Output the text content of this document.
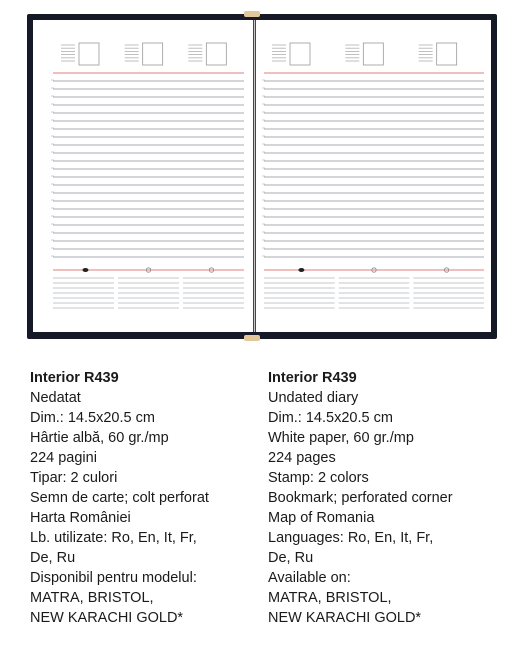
Interior R439
Nedatat
Dim.: 14.5x20.5 cm
Hârtie albă, 60 gr./mp
224 pagini
Tipar: 2 culori
Semn de carte; colt perforat
Harta României
Lb. utilizate: Ro, En, It, Fr,
De, Ru
Disponibil pentru modelul:
MATRA, BRISTOL,
NEW KARACHI GOLD*
Interior R439
Undated diary
Dim.: 14.5x20.5 cm
White paper, 60 gr./mp
224 pages
Stamp: 2 colors
Bookmark; perforated corner
Map of Romania
Languages: Ro, En, It, Fr,
De, Ru
Available on:
MATRA, BRISTOL,
NEW KARACHI GOLD*
